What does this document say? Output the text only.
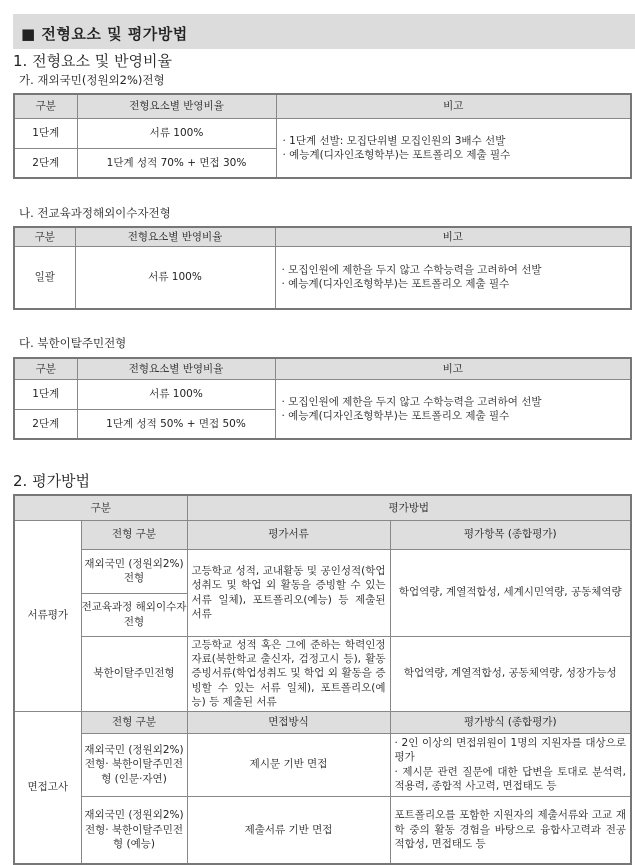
■ 전형요소 및 평가방법
1. 전형요소 및 반영비율
가. 재외국민(정원외2%)전형
구분	전형요소별 반영비율	비고
1단계	서류 100%	· 1단계 선발: 모집단위별 모집인원의 3배수 선발
· 예능계(디자인조형학부)는 포트폴리오 제출 필수

2단계	1단계 성적 70% + 면접 30%	
나. 전교육과정해외이수자전형
구분	전형요소별 반영비율	비고
일괄	서류 100%	· 모집인원에 제한을 두지 않고 수학능력을 고려하여 선발
· 예능계(디자인조형학부)는 포트폴리오 제출 필수
다. 북한이탈주민전형
구분	전형요소별 반영비율	비고
1단계	서류 100%	· 모집인원에 제한을 두지 않고 수학능력을 고려하여 선발
· 예능계(디자인조형학부)는 포트폴리오 제출 필수

2단계	1단계 성적 50% + 면접 50%	
2. 평가방법
구분		평가방법	
서류평가	전형 구분	평가서류	평가항목 (종합평가)
	재외국민 (정원외2%)전형	고등학교 성적, 교내활동 및 공인성적(학업성취도 및 학업 외 활동을 증빙할 수 있는 서류 일체), 포트폴리오(예능) 등 제출된 서류	학업역량, 계열적합성, 세계시민역량, 공동체역량
	전교육과정 해외이수자전형		
	북한이탈주민전형	고등학교 성적 혹은 그에 준하는 학력인정자료(북한학교 출신자, 검정고시 등), 활동증빙서류(학업성취도 및 학업 외 활동을 증빙할 수 있는 서류 일체), 포트폴리오(예능) 등 제출된 서류	학업역량, 계열적합성, 공동체역량, 성장가능성

면접고사	전형 구분	면접방식	평가방식 (종합평가)
	재외국민 (정원외2%)전형· 북한이탈주민전형 (인문·자연)	제시문 기반 면접	· 2인 이상의 면접위원이 1명의 지원자를 대상으로 평가
· 제시문 관련 질문에 대한 답변을 토대로 분석력, 적용력, 종합적 사고력, 면접태도 등

	재외국민 (정원외2%)전형· 북한이탈주민전형 (예능)	제출서류 기반 면접	포트폴리오를 포함한 지원자의 제출서류와 고교 재학 중의 활동 경험을 바탕으로 융합사고력과 전공적합성, 면접태도 등
